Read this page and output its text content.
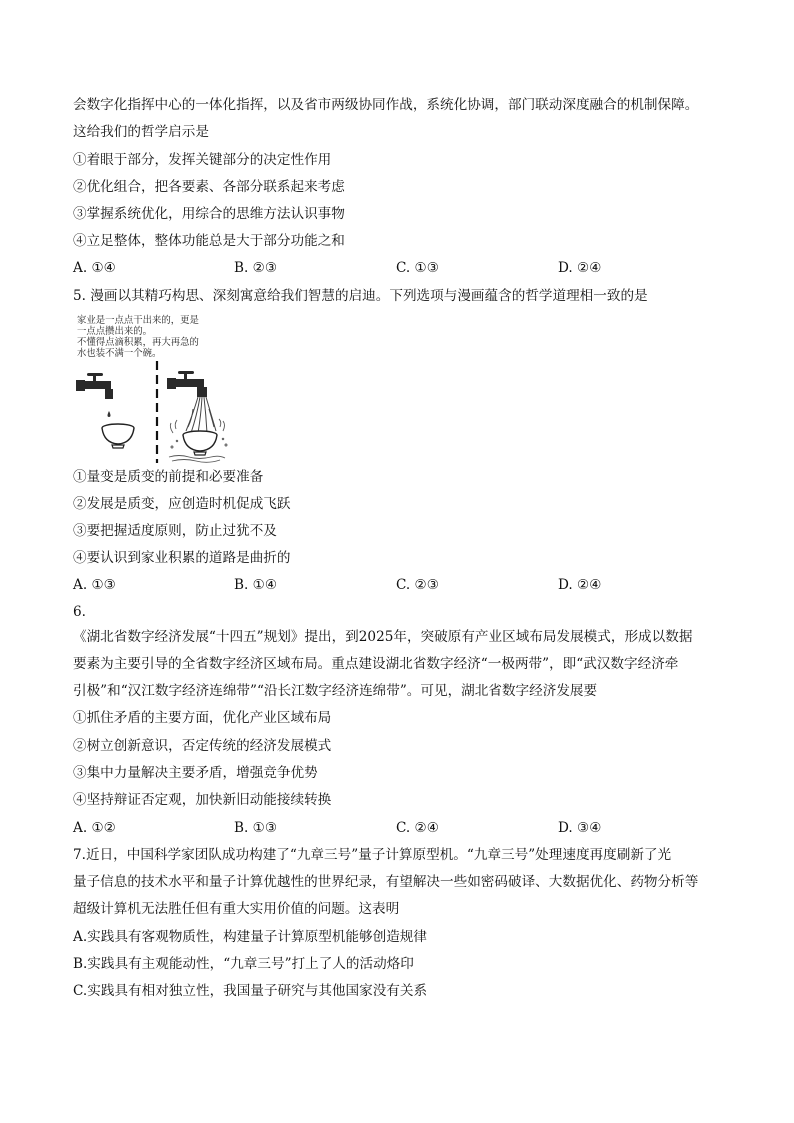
会数字化指挥中心的一体化指挥，以及省市两级协同作战，系统化协调，部门联动深度融合的机制保障。
这给我们的哲学启示是
①着眼于部分，发挥关键部分的决定性作用
②优化组合，把各要素、各部分联系起来考虑
③掌握系统优化，用综合的思维方法认识事物
④立足整体，整体功能总是大于部分功能之和
A. ①④	B. ②③	C. ①③	D. ②④
5. 漫画以其精巧构思、深刻寓意给我们智慧的启迪。下列选项与漫画蕴含的哲学道理相一致的是
家业是一点点干出来的，更是
一点点攒出来的。
不懂得点滴积累，再大再急的
水也装不满一个碗。
①量变是质变的前提和必要准备
②发展是质变，应创造时机促成飞跃
③要把握适度原则，防止过犹不及
④要认识到家业积累的道路是曲折的
A. ①③	B. ①④	C. ②③	D. ②④
6.
《湖北省数字经济发展“十四五”规划》提出，到2025年，突破原有产业区域布局发展模式，形成以数据
要素为主要引导的全省数字经济区域布局。重点建设湖北省数字经济“一极两带”，即“武汉数字经济牵
引极”和“汉江数字经济连绵带”“沿长江数字经济连绵带”。可见，湖北省数字经济发展要
①抓住矛盾的主要方面，优化产业区域布局
②树立创新意识，否定传统的经济发展模式
③集中力量解决主要矛盾，增强竞争优势
④坚持辩证否定观，加快新旧动能接续转换
A. ①②	B. ①③	C. ②④	D. ③④
7.近日，中国科学家团队成功构建了“九章三号”量子计算原型机。“九章三号”处理速度再度刷新了光
量子信息的技术水平和量子计算优越性的世界纪录，有望解决一些如密码破译、大数据优化、药物分析等
超级计算机无法胜任但有重大实用价值的问题。这表明
A.实践具有客观物质性，构建量子计算原型机能够创造规律
B.实践具有主观能动性，“九章三号”打上了人的活动烙印
C.实践具有相对独立性，我国量子研究与其他国家没有关系
